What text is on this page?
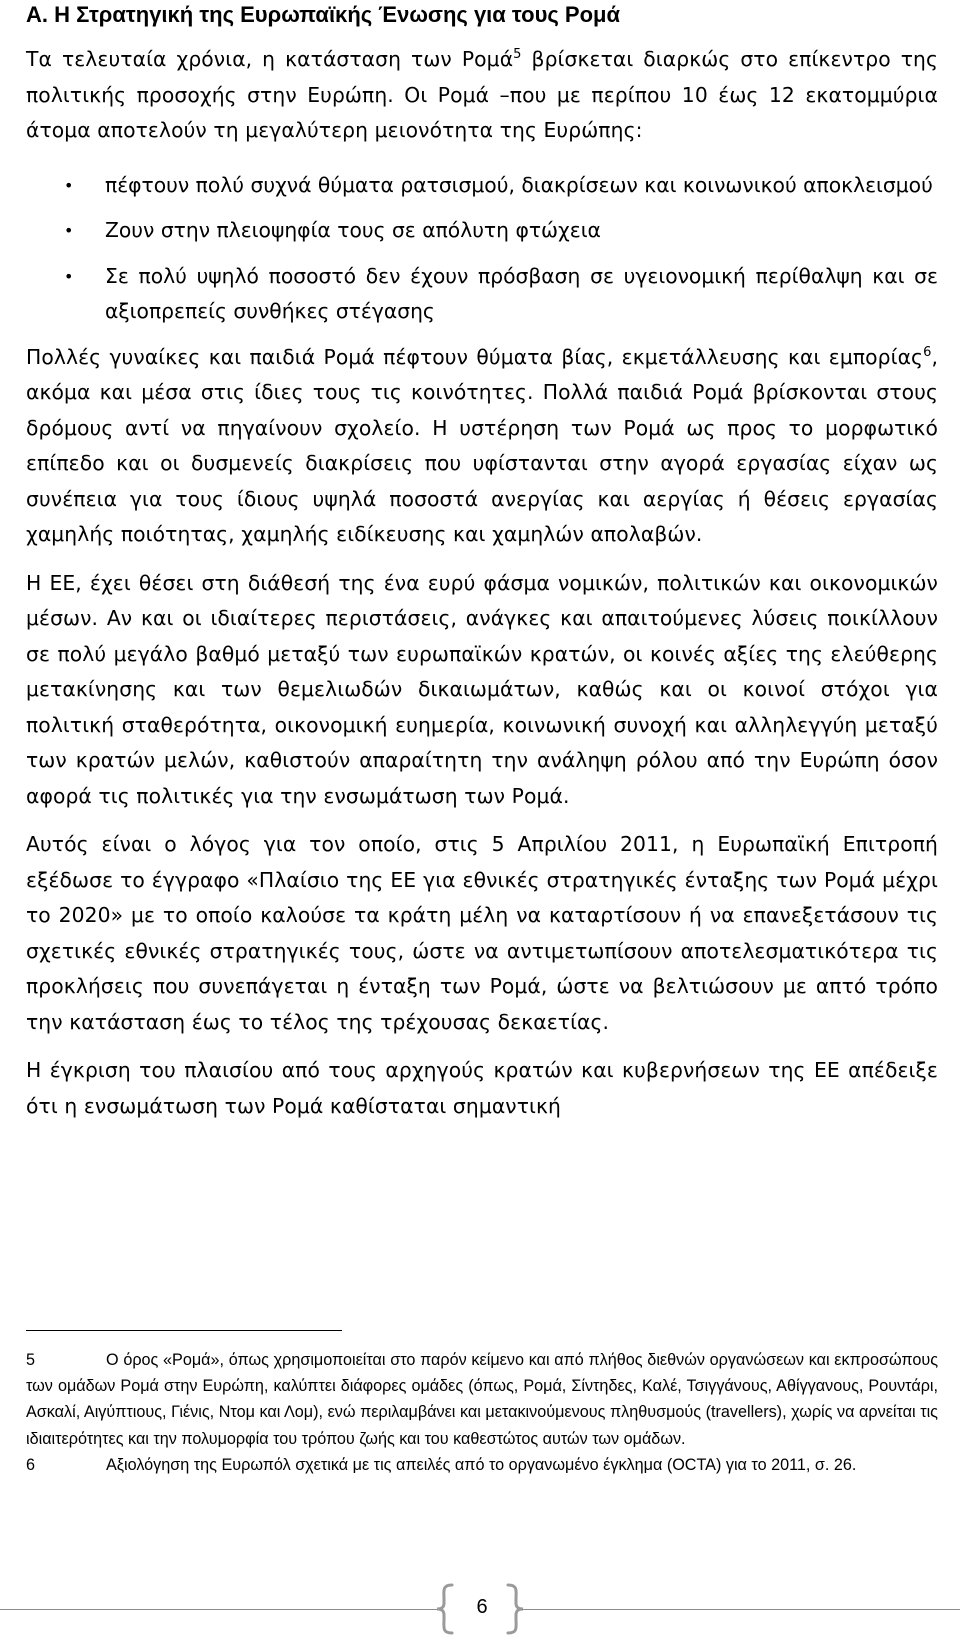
Α. Η Στρατηγική της Ευρωπαϊκής Ένωσης για τους Ρομά

Τα τελευταία χρόνια, η κατάσταση των Ρομά$^5$ βρίσκεται διαρκώς στο επίκεντρο της πολιτικής προσοχής στην Ευρώπη. Οι Ρομά –που με περίπου 10 έως 12 εκατομμύρια άτομα αποτελούν τη μεγαλύτερη μειονότητα της Ευρώπης:

• πέφτουν πολύ συχνά θύματα ρατσισμού, διακρίσεων και κοινωνικού αποκλεισμού
• Ζουν στην πλειοψηφία τους σε απόλυτη φτώχεια
• Σε πολύ υψηλό ποσοστό δεν έχουν πρόσβαση σε υγειονομική περίθαλψη και σε αξιοπρεπείς συνθήκες στέγασης

Πολλές γυναίκες και παιδιά Ρομά πέφτουν θύματα βίας, εκμετάλλευσης και εμπορίας$^6$, ακόμα και μέσα στις ίδιες τους τις κοινότητες. Πολλά παιδιά Ρομά βρίσκονται στους δρόμους αντί να πηγαίνουν σχολείο. Η υστέρηση των Ρομά ως προς το μορφωτικό επίπεδο και οι δυσμενείς διακρίσεις που υφίστανται στην αγορά εργασίας είχαν ως συνέπεια για τους ίδιους υψηλά ποσοστά ανεργίας και αεργίας ή θέσεις εργασίας χαμηλής ποιότητας, χαμηλής ειδίκευσης και χαμηλών απολαβών.

Η ΕΕ, έχει θέσει στη διάθεσή της ένα ευρύ φάσμα νομικών, πολιτικών και οικονομικών μέσων. Αν και οι ιδιαίτερες περιστάσεις, ανάγκες και απαιτούμενες λύσεις ποικίλλουν σε πολύ μεγάλο βαθμό μεταξύ των ευρωπαϊκών κρατών, οι κοινές αξίες της ελεύθερης μετακίνησης και των θεμελιωδών δικαιωμάτων, καθώς και οι κοινοί στόχοι για πολιτική σταθερότητα, οικονομική ευημερία, κοινωνική συνοχή και αλληλεγγύη μεταξύ των κρατών μελών, καθιστούν απαραίτητη την ανάληψη ρόλου από την Ευρώπη όσον αφορά τις πολιτικές για την ενσωμάτωση των Ρομά.

Αυτός είναι ο λόγος για τον οποίο, στις 5 Απριλίου 2011, η Ευρωπαϊκή Επιτροπή εξέδωσε το έγγραφο «Πλαίσιο της ΕΕ για εθνικές στρατηγικές ένταξης των Ρομά μέχρι το 2020» με το οποίο καλούσε τα κράτη μέλη να καταρτίσουν ή να επανεξετάσουν τις σχετικές εθνικές στρατηγικές τους, ώστε να αντιμετωπίσουν αποτελεσματικότερα τις προκλήσεις που συνεπάγεται η ένταξη των Ρομά, ώστε να βελτιώσουν με απτό τρόπο την κατάσταση έως το τέλος της τρέχουσας δεκαετίας.

Η έγκριση του πλαισίου από τους αρχηγούς κρατών και κυβερνήσεων της ΕΕ απέδειξε ότι η ενσωμάτωση των Ρομά καθίσταται σημαντική

5	Ο όρος «Ρομά», όπως χρησιμοποιείται στο παρόν κείμενο και από πλήθος διεθνών οργανώσεων και εκπροσώπους των ομάδων Ρομά στην Ευρώπη, καλύπτει διάφορες ομάδες (όπως, Ρομά, Σίντηδες, Καλέ, Τσιγγάνους, Αθίγγανους, Ρουντάρι, Ασκαλί, Αιγύπτιους, Γιένις, Ντομ και Λομ), ενώ περιλαμβάνει και μετακινούμενους πληθυσμούς (travellers), χωρίς να αρνείται τις ιδιαιτερότητες και την πολυμορφία του τρόπου ζωής και του καθεστώτος αυτών των ομάδων.

6	Αξιολόγηση της Ευρωπόλ σχετικά με τις απειλές από το οργανωμένο έγκλημα (OCTA) για το 2011, σ. 26.

6
